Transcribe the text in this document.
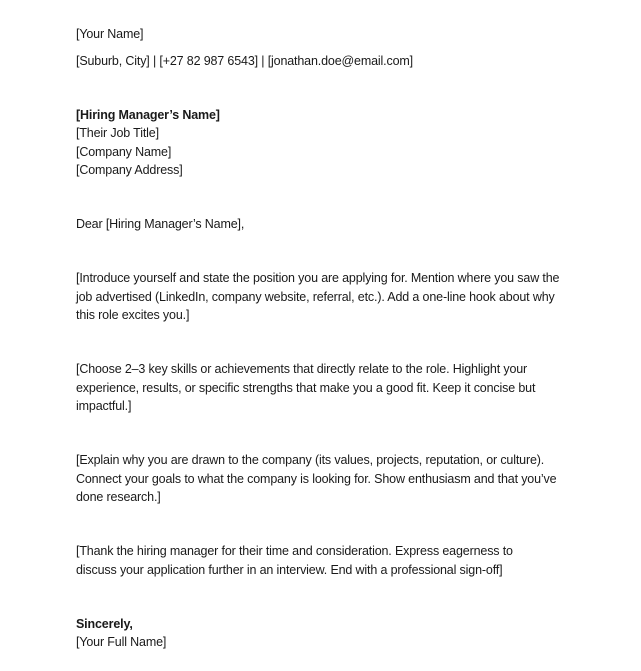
[Your Name]
[Suburb, City] | [+27 82 987 6543] | [jonathan.doe@email.com]
[Hiring Manager’s Name]
[Their Job Title]
[Company Name]
[Company Address]
Dear [Hiring Manager’s Name],
[Introduce yourself and state the position you are applying for. Mention where you saw the job advertised (LinkedIn, company website, referral, etc.). Add a one-line hook about why this role excites you.]
[Choose 2–3 key skills or achievements that directly relate to the role. Highlight your experience, results, or specific strengths that make you a good fit. Keep it concise but impactful.]
[Explain why you are drawn to the company (its values, projects, reputation, or culture). Connect your goals to what the company is looking for. Show enthusiasm and that you’ve done research.]
[Thank the hiring manager for their time and consideration. Express eagerness to discuss your application further in an interview. End with a professional sign-off]
Sincerely,
[Your Full Name]
